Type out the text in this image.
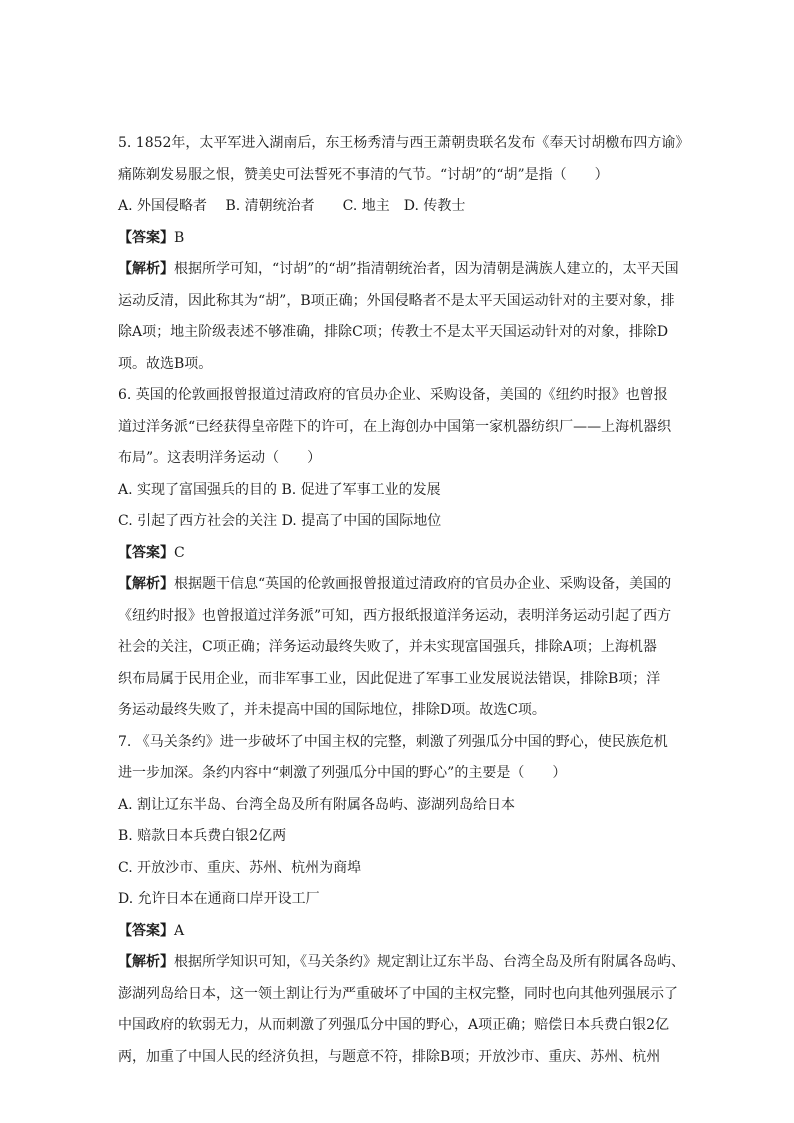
5. 1852年，太平军进入湖南后，东王杨秀清与西王萧朝贵联名发布《奉天讨胡檄布四方谕》
痛陈剃发易服之恨，赞美史可法誓死不事清的气节。“讨胡”的“胡”是指（　　）
A. 外国侵略者　 B. 清朝统治者　　C. 地主　D. 传教士
【答案】B
【解析】根据所学可知，“讨胡”的“胡”指清朝统治者，因为清朝是满族人建立的，太平天国
运动反清，因此称其为“胡”，B项正确；外国侵略者不是太平天国运动针对的主要对象，排
除A项；地主阶级表述不够准确，排除C项；传教士不是太平天国运动针对的对象，排除D
项。故选B项。
6. 英国的伦敦画报曾报道过清政府的官员办企业、采购设备，美国的《纽约时报》也曾报
道过洋务派“已经获得皇帝陛下的许可，在上海创办中国第一家机器纺织厂——上海机器织
布局”。这表明洋务运动（　　）
A. 实现了富国强兵的目的 B. 促进了军事工业的发展
C. 引起了西方社会的关注 D. 提高了中国的国际地位
【答案】C
【解析】根据题干信息“英国的伦敦画报曾报道过清政府的官员办企业、采购设备，美国的
《纽约时报》也曾报道过洋务派”可知，西方报纸报道洋务运动，表明洋务运动引起了西方
社会的关注，C项正确；洋务运动最终失败了，并未实现富国强兵，排除A项；上海机器
织布局属于民用企业，而非军事工业，因此促进了军事工业发展说法错误，排除B项；洋
务运动最终失败了，并未提高中国的国际地位，排除D项。故选C项。
7. 《马关条约》进一步破坏了中国主权的完整，刺激了列强瓜分中国的野心，使民族危机
进一步加深。条约内容中“刺激了列强瓜分中国的野心”的主要是（　　）
A. 割让辽东半岛、台湾全岛及所有附属各岛屿、澎湖列岛给日本
B. 赔款日本兵费白银2亿两
C. 开放沙市、重庆、苏州、杭州为商埠
D. 允许日本在通商口岸开设工厂
【答案】A
【解析】根据所学知识可知，《马关条约》规定割让辽东半岛、台湾全岛及所有附属各岛屿、
澎湖列岛给日本，这一领土割让行为严重破坏了中国的主权完整，同时也向其他列强展示了
中国政府的软弱无力，从而刺激了列强瓜分中国的野心，A项正确；赔偿日本兵费白银2亿
两，加重了中国人民的经济负担，与题意不符，排除B项；开放沙市、重庆、苏州、杭州
